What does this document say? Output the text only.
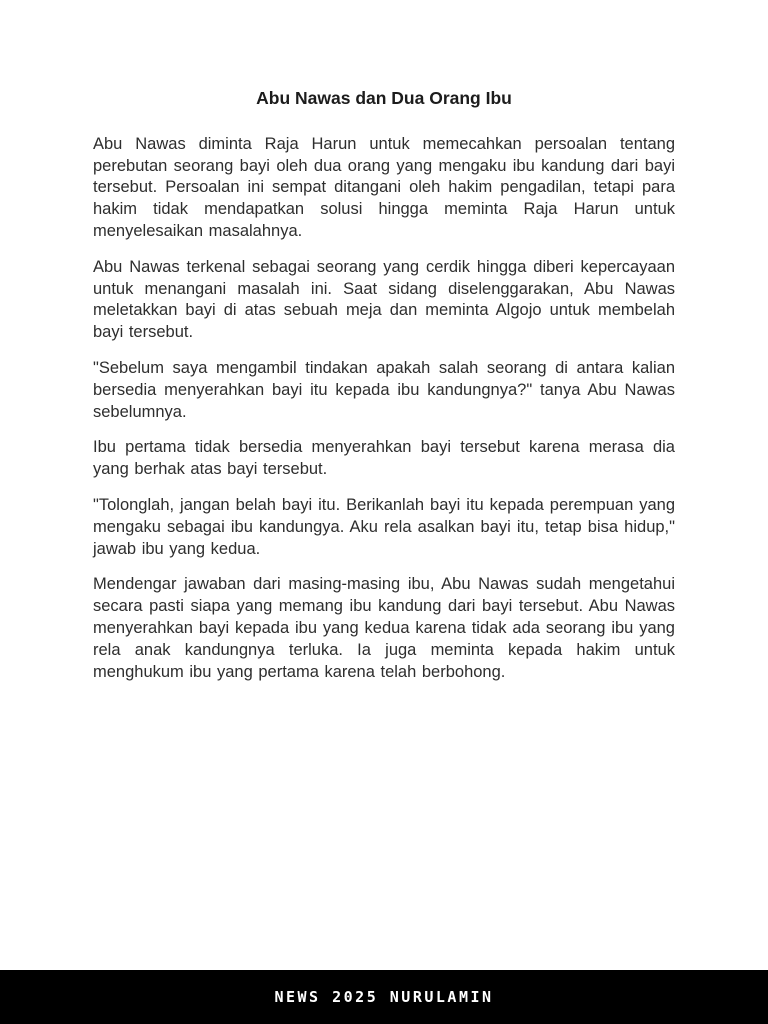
Abu Nawas dan Dua Orang Ibu

Abu Nawas diminta Raja Harun untuk memecahkan persoalan tentang perebutan seorang bayi oleh dua orang yang mengaku ibu kandung dari bayi tersebut. Persoalan ini sempat ditangani oleh hakim pengadilan, tetapi para hakim tidak mendapatkan solusi hingga meminta Raja Harun untuk menyelesaikan masalahnya.

Abu Nawas terkenal sebagai seorang yang cerdik hingga diberi kepercayaan untuk menangani masalah ini. Saat sidang diselenggarakan, Abu Nawas meletakkan bayi di atas sebuah meja dan meminta Algojo untuk membelah bayi tersebut.

"Sebelum saya mengambil tindakan apakah salah seorang di antara kalian bersedia menyerahkan bayi itu kepada ibu kandungnya?" tanya Abu Nawas sebelumnya.

Ibu pertama tidak bersedia menyerahkan bayi tersebut karena merasa dia yang berhak atas bayi tersebut.

"Tolonglah, jangan belah bayi itu. Berikanlah bayi itu kepada perempuan yang mengaku sebagai ibu kandungya. Aku rela asalkan bayi itu, tetap bisa hidup," jawab ibu yang kedua.

Mendengar jawaban dari masing-masing ibu, Abu Nawas sudah mengetahui secara pasti siapa yang memang ibu kandung dari bayi tersebut. Abu Nawas menyerahkan bayi kepada ibu yang kedua karena tidak ada seorang ibu yang rela anak kandungnya terluka. Ia juga meminta kepada hakim untuk menghukum ibu yang pertama karena telah berbohong.

NEWS 2025 NURULAMIN
